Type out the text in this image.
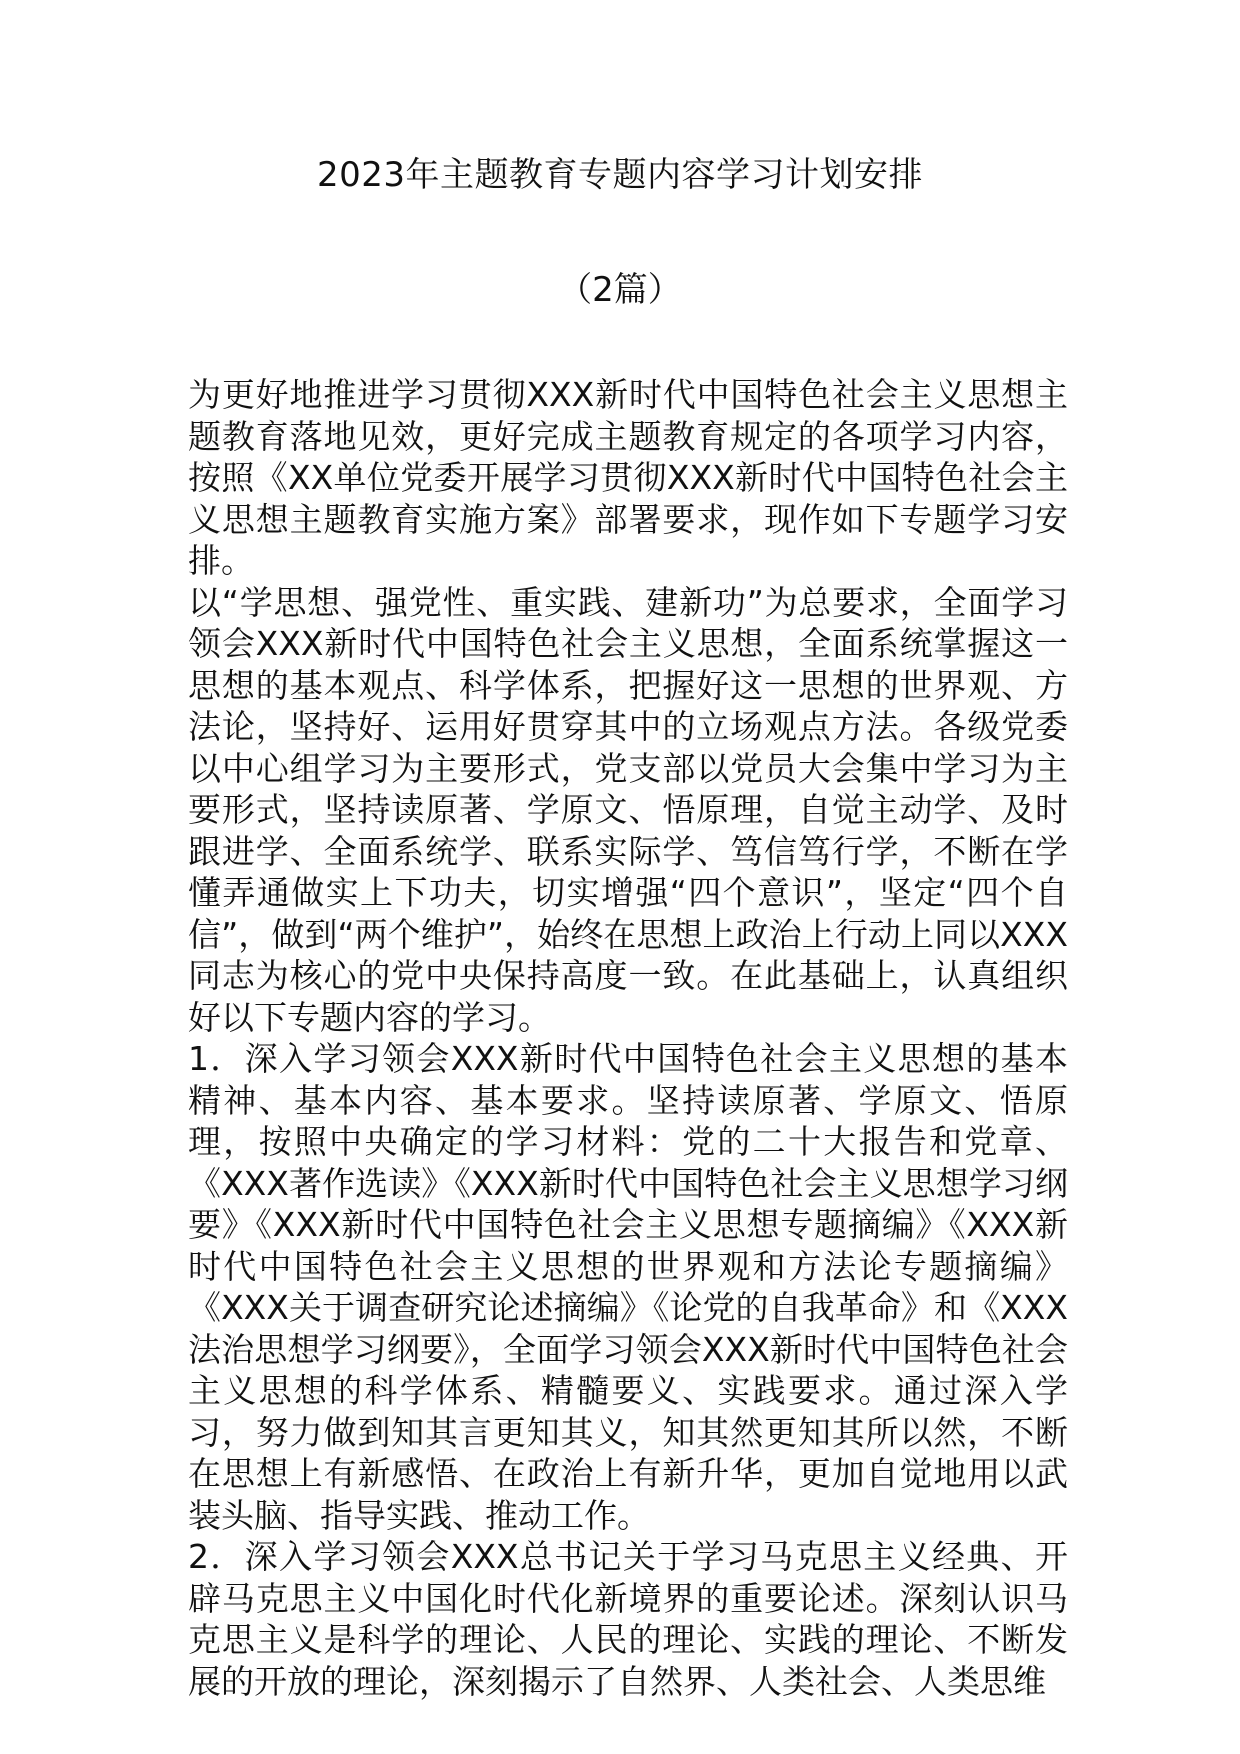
2023年主题教育专题内容学习计划安排
（2篇）

为更好地推进学习贯彻XXX新时代中国特色社会主义思想主题教育落地见效，更好完成主题教育规定的各项学习内容，按照《XX单位党委开展学习贯彻XXX新时代中国特色社会主义思想主题教育实施方案》部署要求，现作如下专题学习安排。

以“学思想、强党性、重实践、建新功”为总要求，全面学习领会XXX新时代中国特色社会主义思想，全面系统掌握这一思想的基本观点、科学体系，把握好这一思想的世界观、方法论，坚持好、运用好贯穿其中的立场观点方法。各级党委以中心组学习为主要形式，党支部以党员大会集中学习为主要形式，坚持读原著、学原文、悟原理，自觉主动学、及时跟进学、全面系统学、联系实际学、笃信笃行学，不断在学懂弄通做实上下功夫，切实增强“四个意识”，坚定“四个自信”，做到“两个维护”，始终在思想上政治上行动上同以XXX同志为核心的党中央保持高度一致。在此基础上，认真组织好以下专题内容的学习。

1．深入学习领会XXX新时代中国特色社会主义思想的基本精神、基本内容、基本要求。坚持读原著、学原文、悟原理，按照中央确定的学习材料：党的二十大报告和党章、《XXX著作选读》《XXX新时代中国特色社会主义思想学习纲要》《XXX新时代中国特色社会主义思想专题摘编》《XXX新时代中国特色社会主义思想的世界观和方法论专题摘编》《XXX关于调查研究论述摘编》《论党的自我革命》和《XXX法治思想学习纲要》，全面学习领会XXX新时代中国特色社会主义思想的科学体系、精髓要义、实践要求。通过深入学习，努力做到知其言更知其义，知其然更知其所以然，不断在思想上有新感悟、在政治上有新升华，更加自觉地用以武装头脑、指导实践、推动工作。

2．深入学习领会XXX总书记关于学习马克思主义经典、开辟马克思主义中国化时代化新境界的重要论述。深刻认识马克思主义是科学的理论、人民的理论、实践的理论、不断发展的开放的理论，深刻揭示了自然界、人类社会、人类思维
